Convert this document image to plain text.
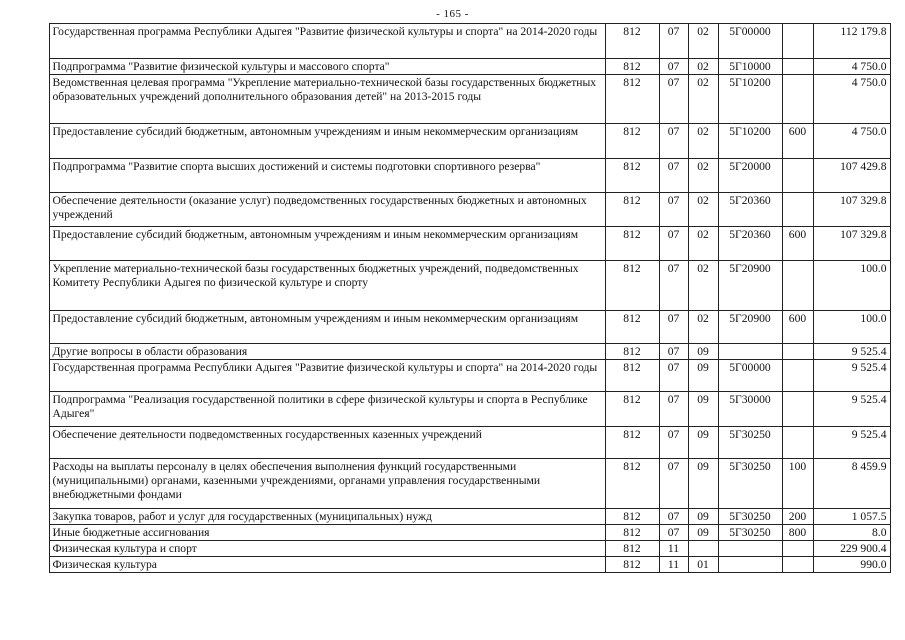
- 165 -
	Государственная программа Республики Адыгея "Развитие физической культуры и спорта" на 2014-2020 годы	812	07	02	5Г00000		112 179.8
	Подпрограмма "Развитие физической культуры и массового спорта"	812	07	02	5Г10000		4 750.0
	Ведомственная целевая программа "Укрепление материально-технической базы государственных бюджетных образовательных учреждений дополнительного образования детей" на 2013-2015 годы	812	07	02	5Г10200		4 750.0
	Предоставление субсидий бюджетным, автономным учреждениям и иным некоммерческим организациям	812	07	02	5Г10200	600	4 750.0
	Подпрограмма "Развитие спорта высших достижений и системы подготовки спортивного резерва"	812	07	02	5Г20000		107 429.8
	Обеспечение деятельности (оказание услуг) подведомственных государственных бюджетных и автономных учреждений	812	07	02	5Г20360		107 329.8
	Предоставление субсидий бюджетным, автономным учреждениям и иным некоммерческим организациям	812	07	02	5Г20360	600	107 329.8
	Укрепление материально-технической базы государственных бюджетных учреждений, подведомственных Комитету Республики Адыгея по физической культуре и спорту	812	07	02	5Г20900		100.0
	Предоставление субсидий бюджетным, автономным учреждениям и иным некоммерческим организациям	812	07	02	5Г20900	600	100.0
	Другие вопросы в области образования	812	07	09			9 525.4
	Государственная программа Республики Адыгея "Развитие физической культуры и спорта" на 2014-2020 годы	812	07	09	5Г00000		9 525.4
	Подпрограмма "Реализация государственной политики в сфере физической культуры и спорта в Республике Адыгея"	812	07	09	5Г30000		9 525.4
	Обеспечение деятельности подведомственных государственных казенных учреждений	812	07	09	5Г30250		9 525.4
	Расходы на выплаты персоналу в целях обеспечения выполнения функций государственными (муниципальными) органами, казенными учреждениями, органами управления государственными внебюджетными фондами	812	07	09	5Г30250	100	8 459.9
	Закупка товаров, работ и услуг для государственных (муниципальных) нужд	812	07	09	5Г30250	200	1 057.5
	Иные бюджетные ассигнования	812	07	09	5Г30250	800	8.0
	Физическая культура и спорт	812	11				229 900.4
	Физическая культура	812	11	01			990.0
